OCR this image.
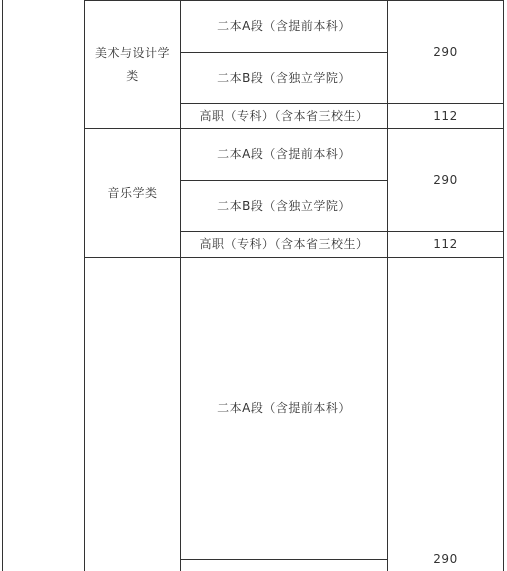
美术与设计学
类
二本A段（含提前本科）
二本B段（含独立学院）
290
高职（专科）（含本省三校生）	112
音乐学类
二本A段（含提前本科）
二本B段（含独立学院）
290
高职（专科）（含本省三校生）	112
二本A段（含提前本科）
290
